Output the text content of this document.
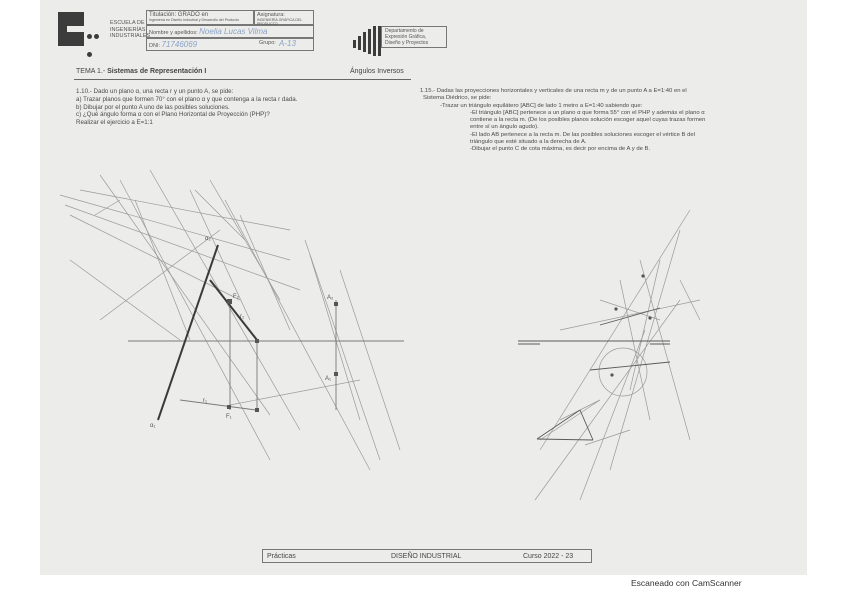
ESCUELA DE
INGENIERÍAS
INDUSTRIALES
Titulación: GRADO en
Ingeniería en Diseño Industrial y Desarrollo del Producto
Asignatura:
INGENIERÍA GRÁFICA DEL PRODUCTO
Nombre y apellidos: Noelia Lucas Vilma
DNI: 71746069	Grupo: A-13
Departamento de
Expresión Gráfica,
Diseño y Proyectos
TEMA 1.- Sistemas de Representación I	Ángulos Inversos
1.10.- Dado un plano α, una recta r y un punto A, se pide:
a) Trazar planos que formen 70° con el plano α y que contenga a la recta r dada.
b) Dibujar por el punto A uno de las posibles soluciones.
c) ¿Qué ángulo forma α con el Plano Horizontal de Proyección (PHP)?
Realizar el ejercicio a E=1:1
1.15.- Dadas las proyecciones horizontales y verticales de una recta m y de un punto A a E=1:40 en el
Sistema Diédrico, se pide:
-Trazar un triángulo equilátero [ABC] de lado 1 metro a E=1:40 sabiendo que:
-El triángulo [ABC] pertenece a un plano α que forma 55° con el PHP y además el plano α
contiene a la recta m. (De los posibles planos solución escoger aquel cuyas trazas formen
entre sí un ángulo agudo).
-El lado AB pertenece a la recta m. De las posibles soluciones escoger el vértice B del
triángulo que esté situado a la derecha de A.
-Dibujar el punto C de cota máxima, es decir por encima de A y de B.
F₂
F₁
A₂
A₁
r₁
r₂
α₁
α₂
Prácticas	DISEÑO INDUSTRIAL	Curso 2022 - 23
Escaneado con CamScanner
